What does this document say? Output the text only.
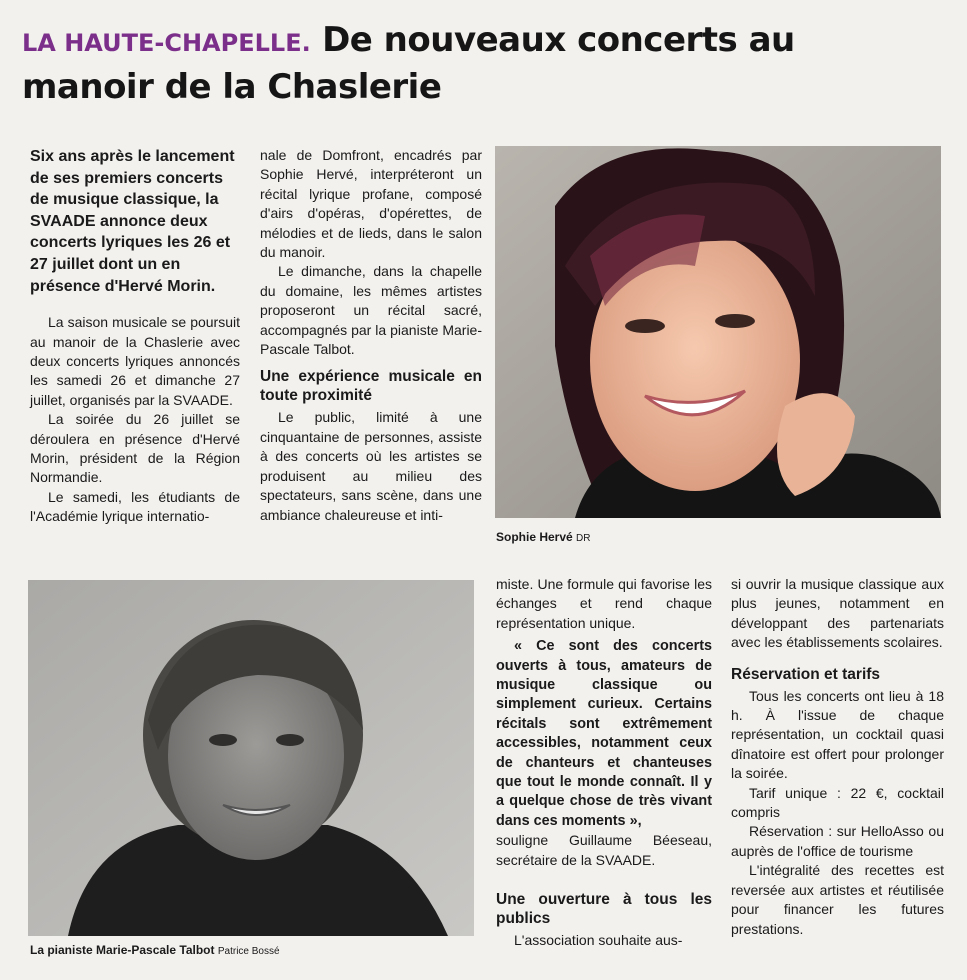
LA HAUTE-CHAPELLE. De nouveaux concerts au manoir de la Chaslerie
Six ans après le lancement de ses premiers concerts de musique classique, la SVAADE annonce deux concerts lyriques les 26 et 27 juillet dont un en présence d'Hervé Morin.

La saison musicale se poursuit au manoir de la Chaslerie avec deux concerts lyriques annoncés les samedi 26 et dimanche 27 juillet, organisés par la SVAADE.

La soirée du 26 juillet se déroulera en présence d'Hervé Morin, président de la Région Normandie.

Le samedi, les étudiants de l'Académie lyrique internatio-

nale de Domfront, encadrés par Sophie Hervé, interpréteront un récital lyrique profane, composé d'airs d'opéras, d'opérettes, de mélodies et de lieds, dans le salon du manoir.

Le dimanche, dans la chapelle du domaine, les mêmes artistes proposeront un récital sacré, accompagnés par la pianiste Marie-Pascale Talbot.

Une expérience musicale en toute proximité

Le public, limité à une cinquantaine de personnes, assiste à des concerts où les artistes se produisent au milieu des spectateurs, sans scène, dans une ambiance chaleureuse et inti-

Sophie Hervé DR
La pianiste Marie-Pascale Talbot Patrice Bossé

miste. Une formule qui favorise les échanges et rend chaque représentation unique.

« Ce sont des concerts ouverts à tous, amateurs de musique classique ou simplement curieux. Certains récitals sont extrêmement accessibles, notamment ceux de chanteurs et chanteuses que tout le monde connaît. Il y a quelque chose de très vivant dans ces moments »,

souligne Guillaume Béeseau, secrétaire de la SVAADE.

Une ouverture à tous les publics

L'association souhaite aus-

si ouvrir la musique classique aux plus jeunes, notamment en développant des partenariats avec les établissements scolaires.

Réservation et tarifs

Tous les concerts ont lieu à 18 h. À l'issue de chaque représentation, un cocktail quasi dînatoire est offert pour prolonger la soirée.

Tarif unique : 22 €, cocktail compris

Réservation : sur HelloAsso ou auprès de l'office de tourisme

L'intégralité des recettes est reversée aux artistes et réutilisée pour financer les futures prestations.
